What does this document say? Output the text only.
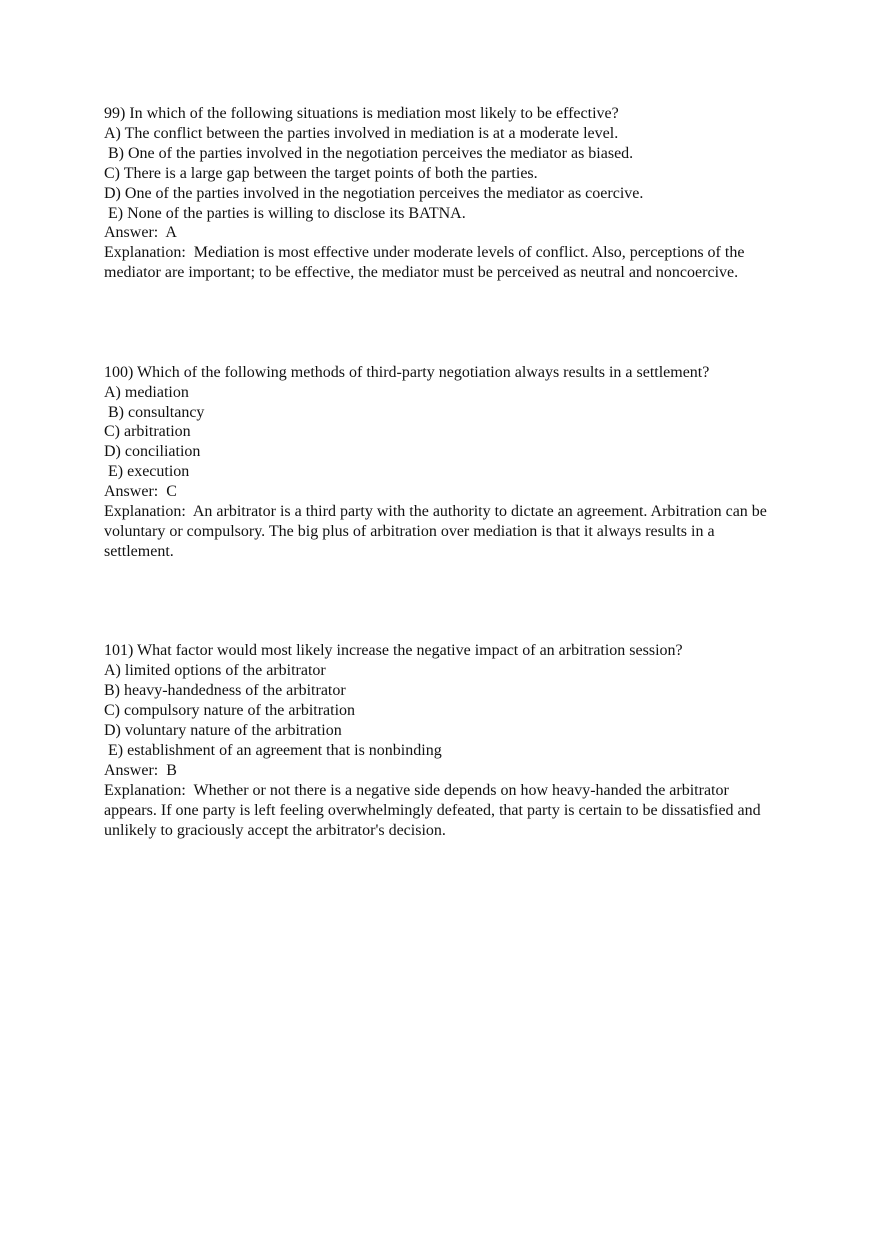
99) In which of the following situations is mediation most likely to be effective?
A) The conflict between the parties involved in mediation is at a moderate level.
B) One of the parties involved in the negotiation perceives the mediator as biased.
C) There is a large gap between the target points of both the parties.
D) One of the parties involved in the negotiation perceives the mediator as coercive.
E) None of the parties is willing to disclose its BATNA.
Answer:  A
Explanation:  Mediation is most effective under moderate levels of conflict. Also, perceptions of the mediator are important; to be effective, the mediator must be perceived as neutral and noncoercive.
100) Which of the following methods of third-party negotiation always results in a settlement?
A) mediation
B) consultancy
C) arbitration
D) conciliation
E) execution
Answer:  C
Explanation:  An arbitrator is a third party with the authority to dictate an agreement. Arbitration can be voluntary or compulsory. The big plus of arbitration over mediation is that it always results in a settlement.
101) What factor would most likely increase the negative impact of an arbitration session?
A) limited options of the arbitrator
B) heavy-handedness of the arbitrator
C) compulsory nature of the arbitration
D) voluntary nature of the arbitration
E) establishment of an agreement that is nonbinding
Answer:  B
Explanation:  Whether or not there is a negative side depends on how heavy-handed the arbitrator appears. If one party is left feeling overwhelmingly defeated, that party is certain to be dissatisfied and unlikely to graciously accept the arbitrator's decision.
